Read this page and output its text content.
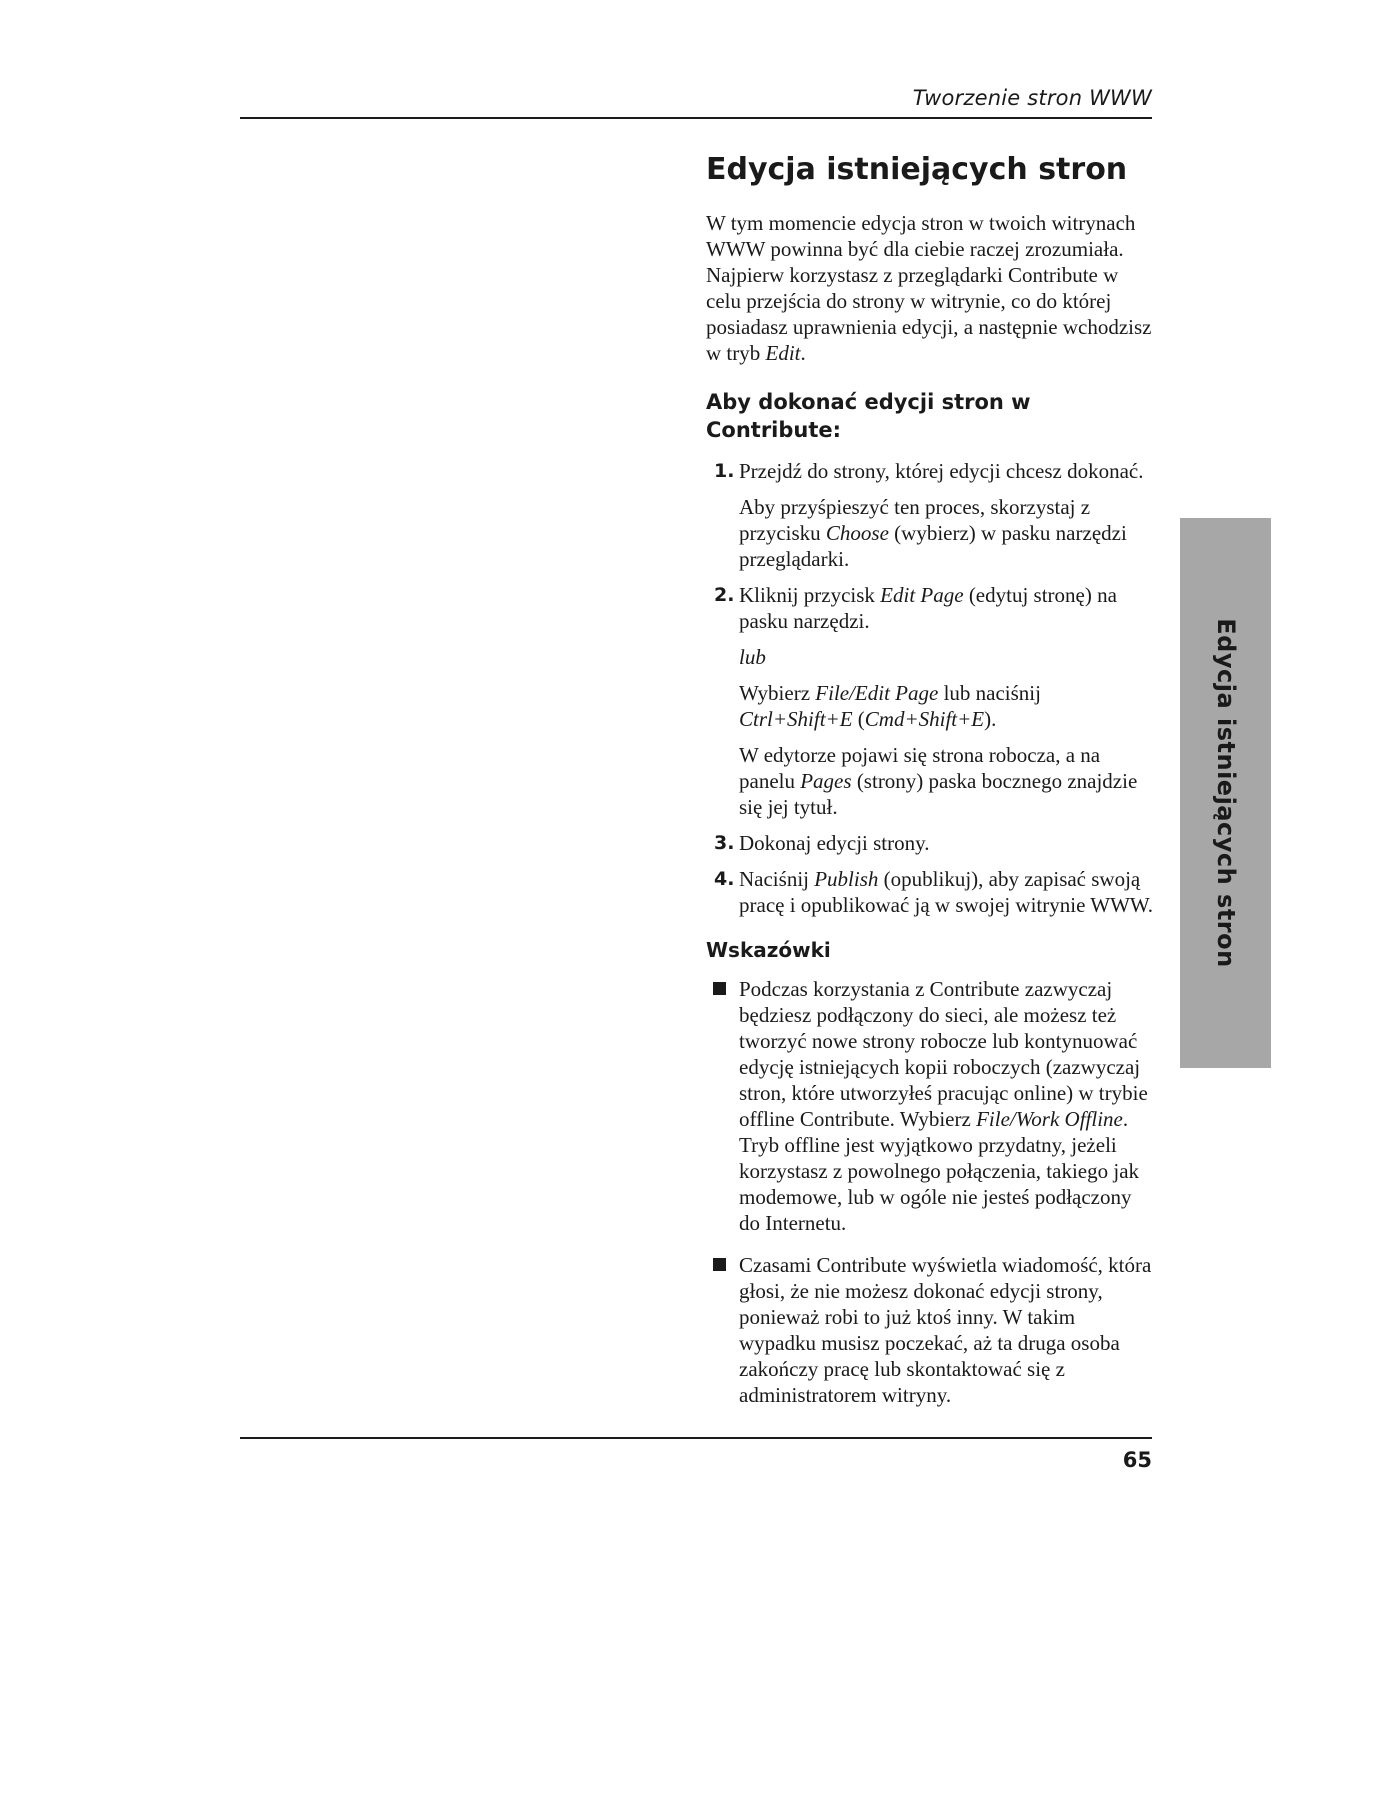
Tworzenie stron WWW
Edycja istniejących stron
Edycja istniejących stron

W tym momencie edycja stron w twoich witrynach WWW powinna być dla ciebie raczej zrozumiała. Najpierw korzystasz z przeglądarki Contribute w celu przejścia do strony w witrynie, co do której posiadasz uprawnienia edycji, a następnie wchodzisz w tryb Edit.

Aby dokonać edycji stron w Contribute:
1. Przejdź do strony, której edycji chcesz dokonać.

Aby przyśpieszyć ten proces, skorzystaj z przycisku Choose (wybierz) w pasku narzędzi przeglądarki.

2. Kliknij przycisk Edit Page (edytuj stronę) na pasku narzędzi.

lub

Wybierz File/Edit Page lub naciśnij Ctrl+Shift+E (Cmd+Shift+E).

W edytorze pojawi się strona robocza, a na panelu Pages (strony) paska bocznego znajdzie się jej tytuł.

3. Dokonaj edycji strony.

4. Naciśnij Publish (opublikuj), aby zapisać swoją pracę i opublikować ją w swojej witrynie WWW.

Wskazówki
Podczas korzystania z Contribute zazwyczaj będziesz podłączony do sieci, ale możesz też tworzyć nowe strony robocze lub kontynuować edycję istniejących kopii roboczych (zazwyczaj stron, które utworzyłeś pracując online) w trybie offline Contribute. Wybierz File/Work Offline. Tryb offline jest wyjątkowo przydatny, jeżeli korzystasz z powolnego połączenia, takiego jak modemowe, lub w ogóle nie jesteś podłączony do Internetu.
Czasami Contribute wyświetla wiadomość, która głosi, że nie możesz dokonać edycji strony, ponieważ robi to już ktoś inny. W takim wypadku musisz poczekać, aż ta druga osoba zakończy pracę lub skontaktować się z administratorem witryny.
65
